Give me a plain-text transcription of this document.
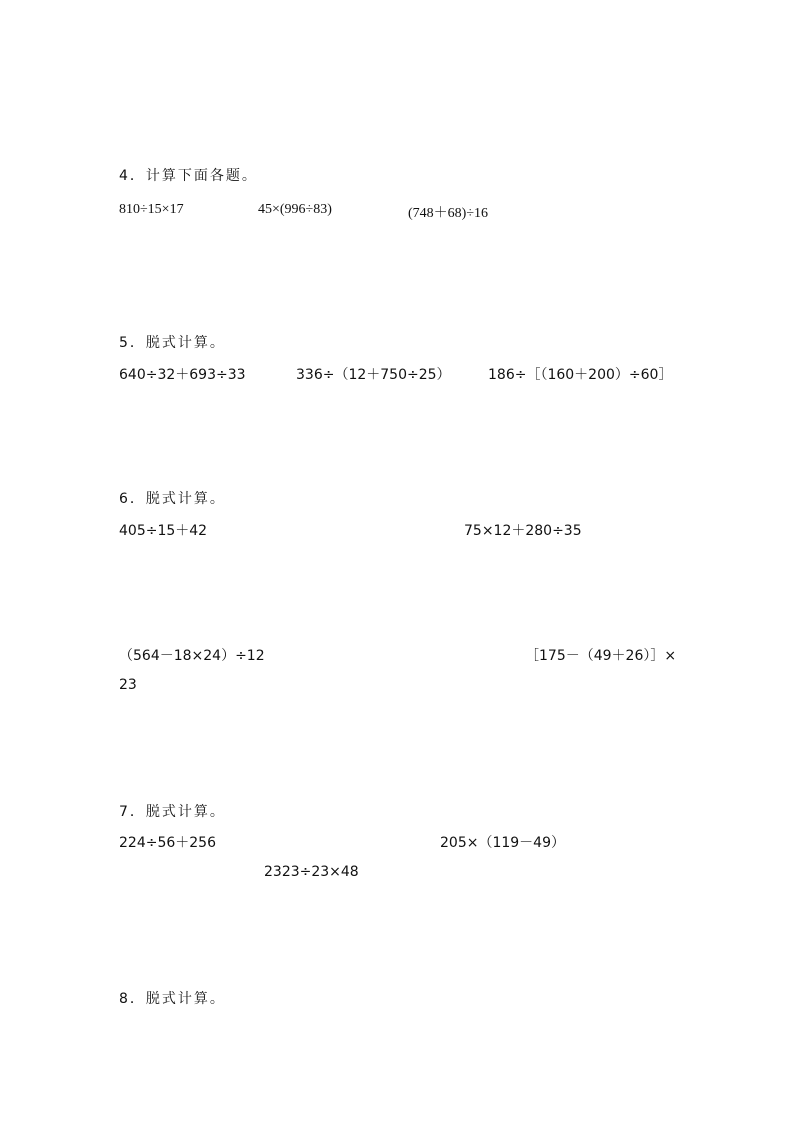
4．计算下面各题。
810÷15×17	45×(996÷83)	(748＋68)÷16
5．脱式计算。
640÷32＋693÷33	336÷（12＋750÷25）	186÷［（160＋200）÷60］
6．脱式计算。
405÷15＋42	75×12＋280÷35
（564－18×24）÷12	［175－（49＋26）］×
23
7．脱式计算。
224÷56＋256	205×（119－49）
2323÷23×48
8．脱式计算。
